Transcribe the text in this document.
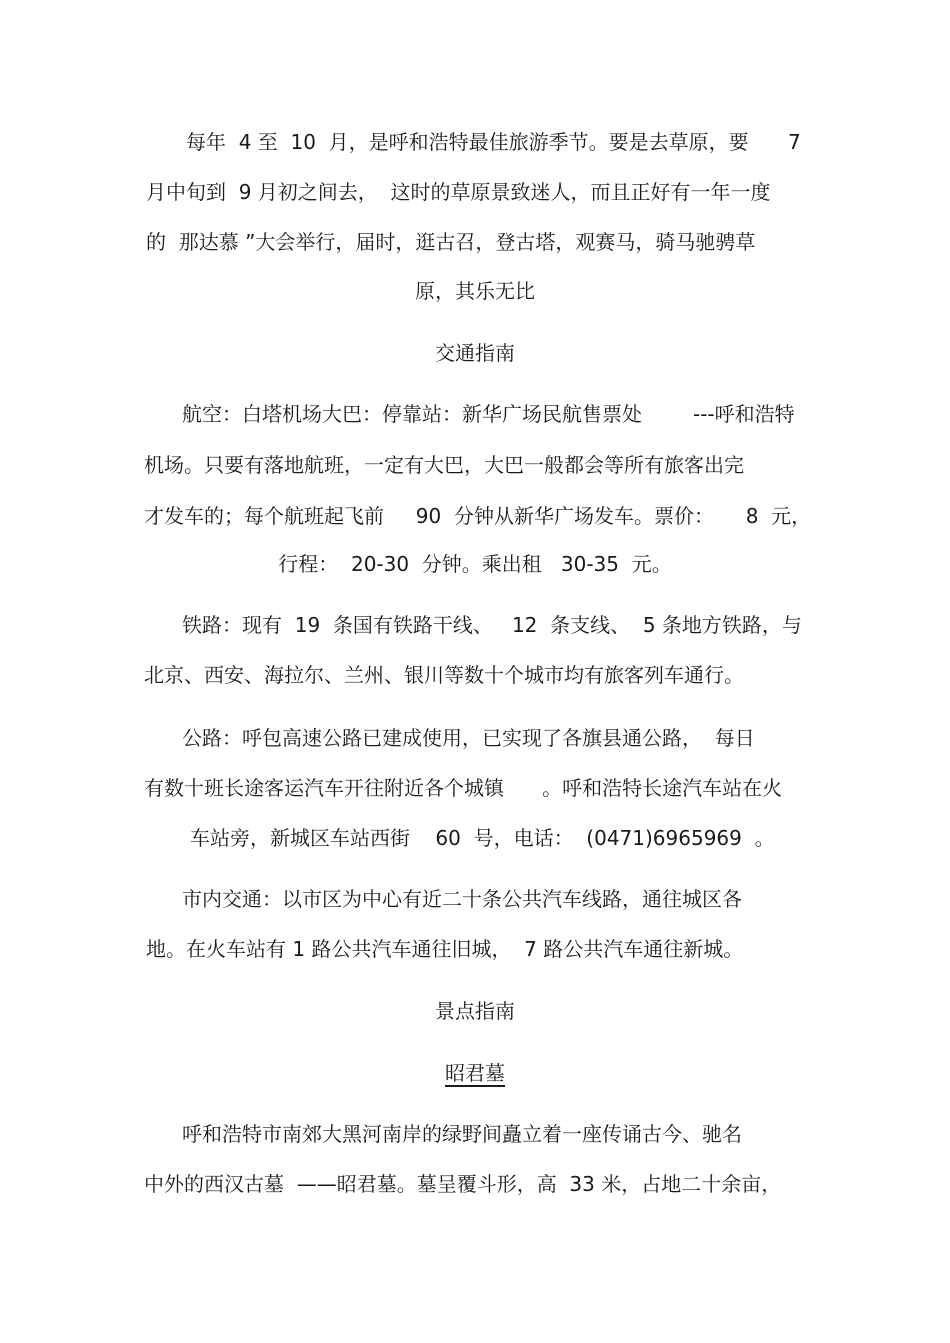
每年  4 至  10  月，是呼和浩特最佳旅游季节。要是去草原，要 7

月中旬到  9 月初之间去，  这时的草原景致迷人，而且正好有一年一度

的  那达慕 ”大会举行，届时，逛古召，登古塔，观赛马，骑马驰骋草

原，其乐无比

交通指南

航空：白塔机场大巴：停靠站：新华广场民航售票处	---呼和浩特

机场。只要有落地航班，一定有大巴，大巴一般都会等所有旅客出完

才发车的；每个航班起飞前     90  分钟从新华广场发车。票价：     8  元，

行程：  20-30  分钟。乘出租   30-35  元。

铁路：现有  19  条国有铁路干线、   12  条支线、  5 条地方铁路，与

北京、西安、海拉尔、兰州、银川等数十个城市均有旅客列车通行。

公路：呼包高速公路已建成使用，已实现了各旗县通公路，  每日

有数十班长途客运汽车开往附近各个城镇      。呼和浩特长途汽车站在火

车站旁，新城区车站西街    60  号，电话：  (0471)6965969  。

市内交通：以市区为中心有近二十条公共汽车线路，通往城区各

地。在火车站有 1 路公共汽车通往旧城，  7 路公共汽车通往新城。

景点指南

昭君墓

呼和浩特市南郊大黑河南岸的绿野间矗立着一座传诵古今、驰名

中外的西汉古墓  ——昭君墓。墓呈覆斗形，高  33 米，占地二十余亩，
